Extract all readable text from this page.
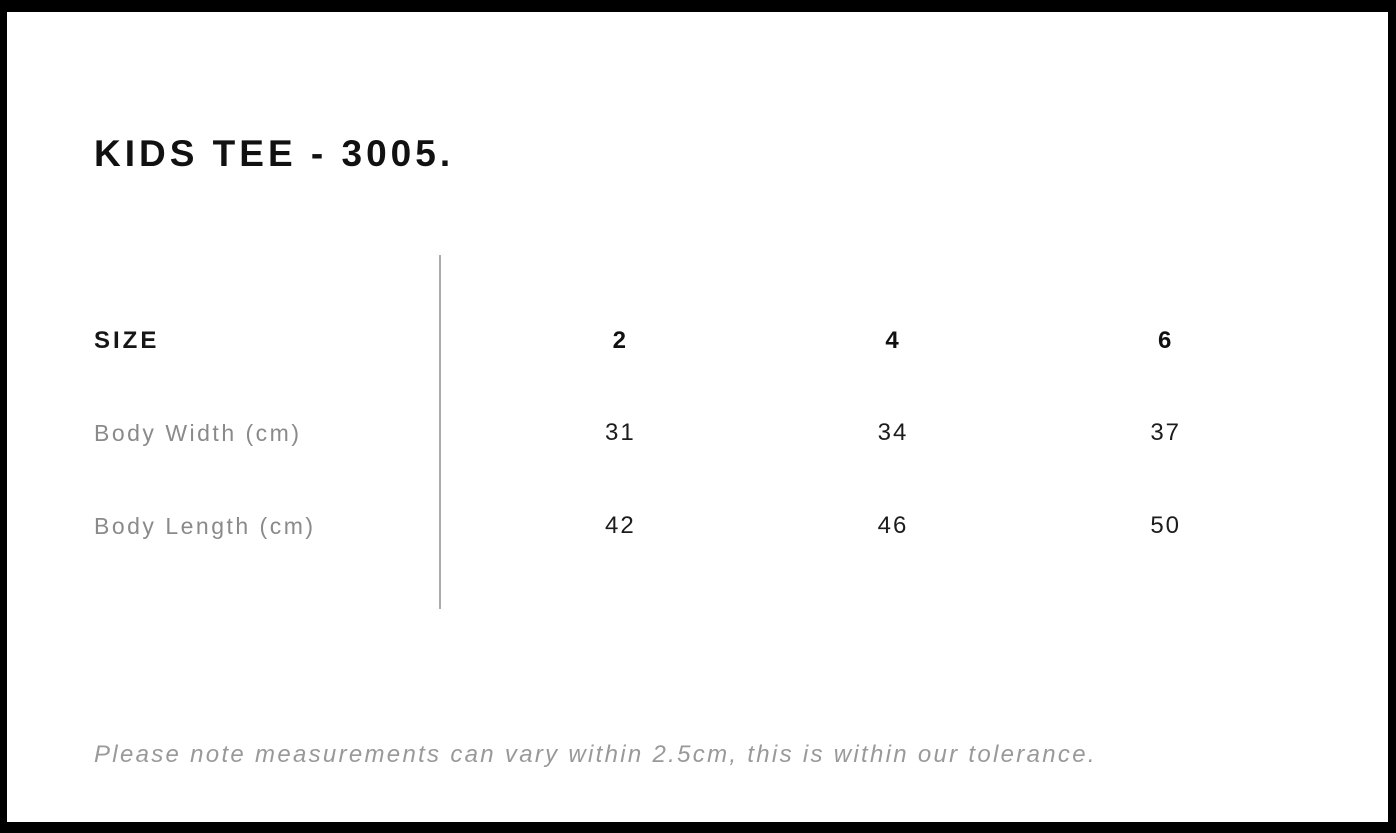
KIDS TEE - 3005.
SIZE	2	4	6
Body Width (cm)	31	34	37
Body Length (cm)	42	46	50

Please note measurements can vary within 2.5cm, this is within our tolerance.
